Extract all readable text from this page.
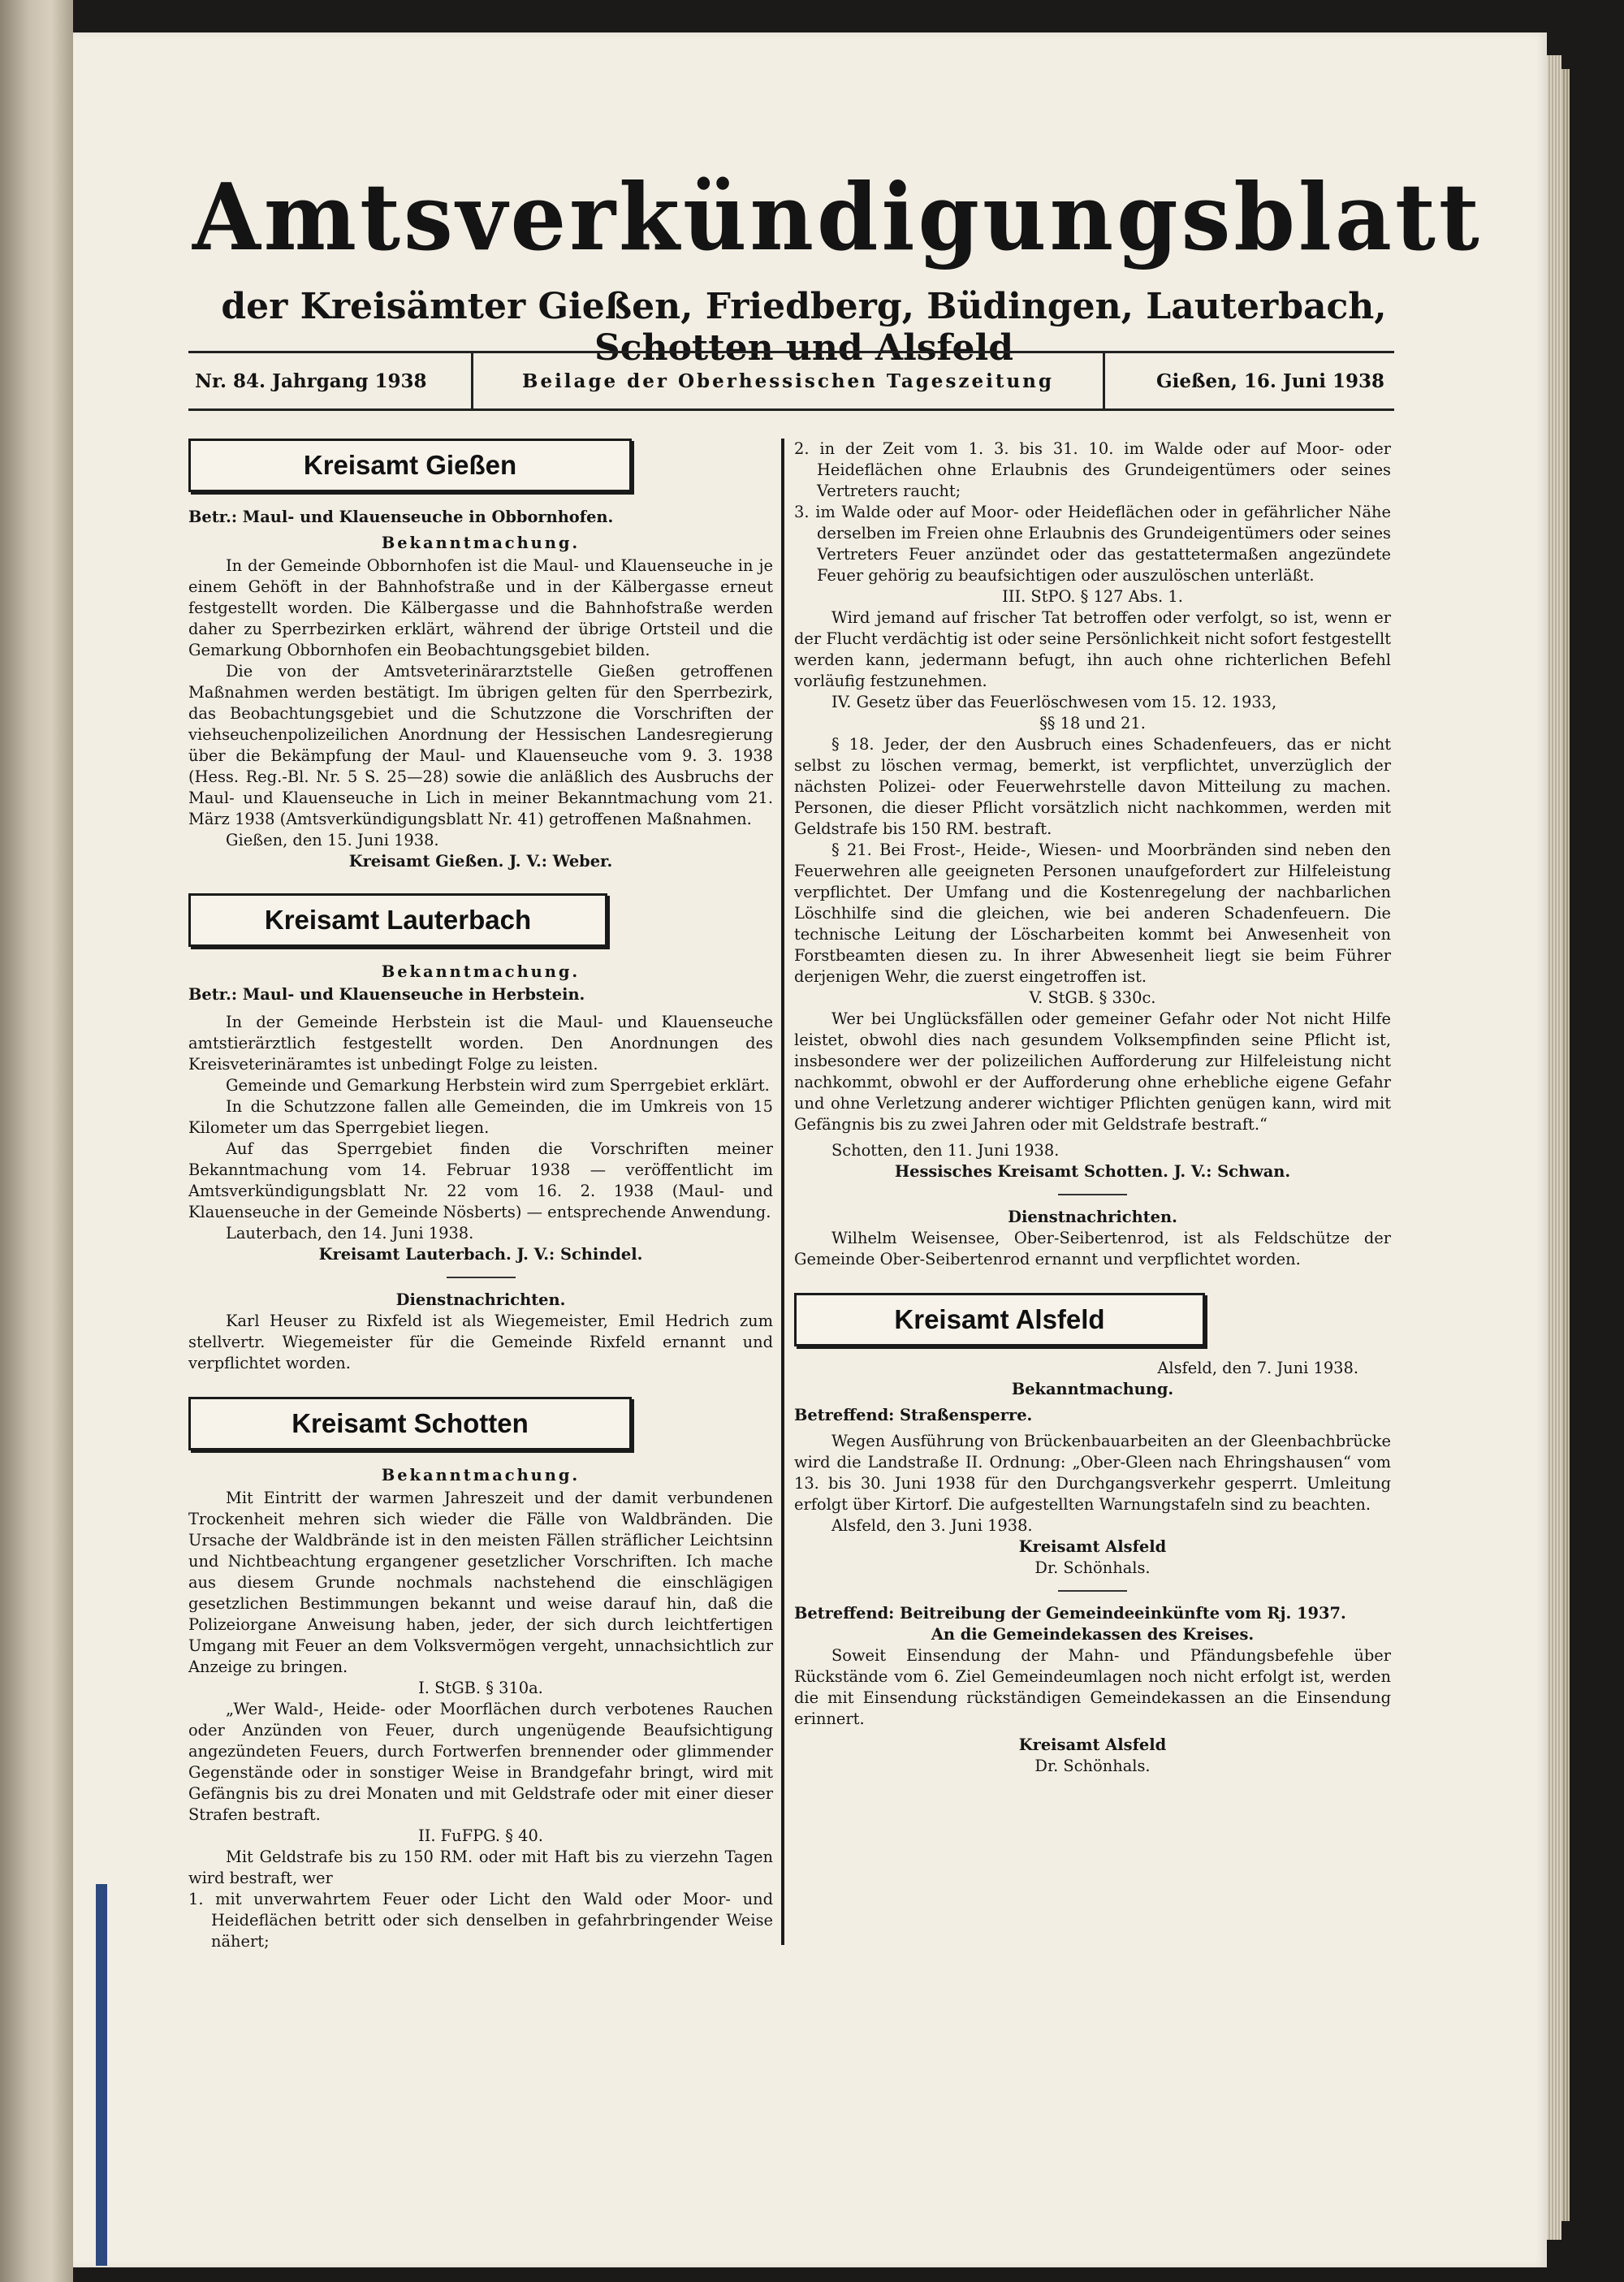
Amtsverkündigungsblatt
der Kreisämter Gießen, Friedberg, Büdingen, Lauterbach, Schotten und Alsfeld
Nr. 84. Jahrgang 1938	Beilage der Oberhessischen Tageszeitung	Gießen, 16. Juni 1938
Kreisamt Gießen

Betr.: Maul- und Klauenseuche in Obbornhofen.

Bekanntmachung.

In der Gemeinde Obbornhofen ist die Maul- und Klauenseuche in je einem Gehöft in der Bahnhofstraße und in der Kälbergasse erneut festgestellt worden. Die Kälbergasse und die Bahnhofstraße werden daher zu Sperrbezirken erklärt, während der übrige Ortsteil und die Gemarkung Obbornhofen ein Beobachtungsgebiet bilden.

Die von der Amtsveterinärarztstelle Gießen getroffenen Maßnahmen werden bestätigt. Im übrigen gelten für den Sperrbezirk, das Beobachtungsgebiet und die Schutzzone die Vorschriften der viehseuchenpolizeilichen Anordnung der Hessischen Landesregierung über die Bekämpfung der Maul- und Klauenseuche vom 9. 3. 1938 (Hess. Reg.-Bl. Nr. 5 S. 25—28) sowie die anläßlich des Ausbruchs der Maul- und Klauenseuche in Lich in meiner Bekanntmachung vom 21. März 1938 (Amtsverkündigungsblatt Nr. 41) getroffenen Maßnahmen.

Gießen, den 15. Juni 1938.

Kreisamt Gießen. J. V.: Weber.

Kreisamt Lauterbach

Bekanntmachung.

Betr.: Maul- und Klauenseuche in Herbstein.

In der Gemeinde Herbstein ist die Maul- und Klauenseuche amtstierärztlich festgestellt worden. Den Anordnungen des Kreisveterinäramtes ist unbedingt Folge zu leisten.

Gemeinde und Gemarkung Herbstein wird zum Sperrgebiet erklärt.

In die Schutzzone fallen alle Gemeinden, die im Umkreis von 15 Kilometer um das Sperrgebiet liegen.

Auf das Sperrgebiet finden die Vorschriften meiner Bekanntmachung vom 14. Februar 1938 — veröffentlicht im Amtsverkündigungsblatt Nr. 22 vom 16. 2. 1938 (Maul- und Klauenseuche in der Gemeinde Nösberts) — entsprechende Anwendung.

Lauterbach, den 14. Juni 1938.

Kreisamt Lauterbach. J. V.: Schindel.

Dienstnachrichten.

Karl Heuser zu Rixfeld ist als Wiegemeister, Emil Hedrich zum stellvertr. Wiegemeister für die Gemeinde Rixfeld ernannt und verpflichtet worden.

Kreisamt Schotten

Bekanntmachung.

Mit Eintritt der warmen Jahreszeit und der damit verbundenen Trockenheit mehren sich wieder die Fälle von Waldbränden. Die Ursache der Waldbrände ist in den meisten Fällen sträflicher Leichtsinn und Nichtbeachtung ergangener gesetzlicher Vorschriften. Ich mache aus diesem Grunde nochmals nachstehend die einschlägigen gesetzlichen Bestimmungen bekannt und weise darauf hin, daß die Polizeiorgane Anweisung haben, jeder, der sich durch leichtfertigen Umgang mit Feuer an dem Volksvermögen vergeht, unnachsichtlich zur Anzeige zu bringen.

I. StGB. § 310a.

„Wer Wald-, Heide- oder Moorflächen durch verbotenes Rauchen oder Anzünden von Feuer, durch ungenügende Beaufsichtigung angezündeten Feuers, durch Fortwerfen brennender oder glimmender Gegenstände oder in sonstiger Weise in Brandgefahr bringt, wird mit Gefängnis bis zu drei Monaten und mit Geldstrafe oder mit einer dieser Strafen bestraft.

II. FuFPG. § 40.

Mit Geldstrafe bis zu 150 RM. oder mit Haft bis zu vierzehn Tagen wird bestraft, wer

1. mit unverwahrtem Feuer oder Licht den Wald oder Moor- und Heideflächen betritt oder sich denselben in gefahrbringender Weise nähert;

2. in der Zeit vom 1. 3. bis 31. 10. im Walde oder auf Moor- oder Heideflächen ohne Erlaubnis des Grundeigentümers oder seines Vertreters raucht;

3. im Walde oder auf Moor- oder Heideflächen oder in gefährlicher Nähe derselben im Freien ohne Erlaubnis des Grundeigentümers oder seines Vertreters Feuer anzündet oder das gestattetermaßen angezündete Feuer gehörig zu beaufsichtigen oder auszulöschen unterläßt.

III. StPO. § 127 Abs. 1.

Wird jemand auf frischer Tat betroffen oder verfolgt, so ist, wenn er der Flucht verdächtig ist oder seine Persönlichkeit nicht sofort festgestellt werden kann, jedermann befugt, ihn auch ohne richterlichen Befehl vorläufig festzunehmen.

IV. Gesetz über das Feuerlöschwesen vom 15. 12. 1933,

§§ 18 und 21.

§ 18. Jeder, der den Ausbruch eines Schadenfeuers, das er nicht selbst zu löschen vermag, bemerkt, ist verpflichtet, unverzüglich der nächsten Polizei- oder Feuerwehrstelle davon Mitteilung zu machen. Personen, die dieser Pflicht vorsätzlich nicht nachkommen, werden mit Geldstrafe bis 150 RM. bestraft.

§ 21. Bei Frost-, Heide-, Wiesen- und Moorbränden sind neben den Feuerwehren alle geeigneten Personen unaufgefordert zur Hilfeleistung verpflichtet. Der Umfang und die Kostenregelung der nachbarlichen Löschhilfe sind die gleichen, wie bei anderen Schadenfeuern. Die technische Leitung der Löscharbeiten kommt bei Anwesenheit von Forstbeamten diesen zu. In ihrer Abwesenheit liegt sie beim Führer derjenigen Wehr, die zuerst eingetroffen ist.

V. StGB. § 330c.

Wer bei Unglücksfällen oder gemeiner Gefahr oder Not nicht Hilfe leistet, obwohl dies nach gesundem Volksempfinden seine Pflicht ist, insbesondere wer der polizeilichen Aufforderung zur Hilfeleistung nicht nachkommt, obwohl er der Aufforderung ohne erhebliche eigene Gefahr und ohne Verletzung anderer wichtiger Pflichten genügen kann, wird mit Gefängnis bis zu zwei Jahren oder mit Geldstrafe bestraft.“

Schotten, den 11. Juni 1938.

Hessisches Kreisamt Schotten. J. V.: Schwan.

Dienstnachrichten.

Wilhelm Weisensee, Ober-Seibertenrod, ist als Feldschütze der Gemeinde Ober-Seibertenrod ernannt und verpflichtet worden.

Kreisamt Alsfeld

Alsfeld, den 7. Juni 1938.

Bekanntmachung.

Betreffend: Straßensperre.

Wegen Ausführung von Brückenbauarbeiten an der Gleenbachbrücke wird die Landstraße II. Ordnung: „Ober-Gleen nach Ehringshausen“ vom 13. bis 30. Juni 1938 für den Durchgangsverkehr gesperrt. Umleitung erfolgt über Kirtorf. Die aufgestellten Warnungstafeln sind zu beachten.

Alsfeld, den 3. Juni 1938.

Kreisamt Alsfeld

Dr. Schönhals.

Betreffend: Beitreibung der Gemeindeeinkünfte vom Rj. 1937.

An die Gemeindekassen des Kreises.

Soweit Einsendung der Mahn- und Pfändungsbefehle über Rückstände vom 6. Ziel Gemeindeumlagen noch nicht erfolgt ist, werden die mit Einsendung rückständigen Gemeindekassen an die Einsendung erinnert.

Kreisamt Alsfeld

Dr. Schönhals.
